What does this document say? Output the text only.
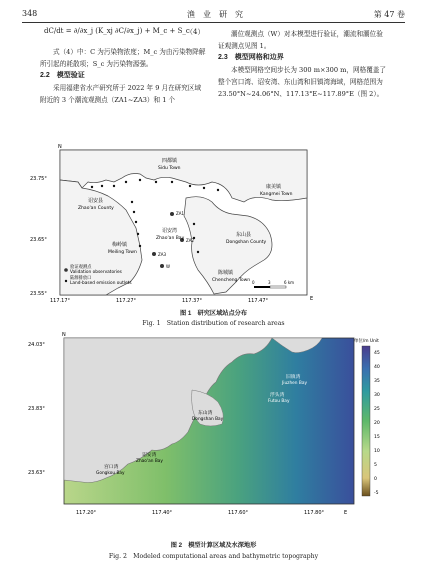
348	渔　业　研　究	第 47 卷
dC/dt = ∂/∂x_j (K_xj ∂C/∂x_j) + M_c + S_c
（4）

式（4）中：C 为污染物浓度；M_c 为由污染物降解所引起的耗散项；S_c 为污染物源强。

2.2　模型验证

采用福建省水产研究所于 2022 年 9 月在研究区域附近的 3 个潮流观测点（ZA1~ZA3）和 1 个

潮位观测点（W）对本模型进行验证，潮流和潮位验证观测点见图 1。

2.3　模型网格和边界

本模型网格空间步长为 300 m×300 m，网格覆盖了整个宫口湾、诏安湾、东山湾和旧镇湾海域，网格范围为 23.50°N~24.06°N、117.13°E~117.89°E（图 2）。

ZA1
ZA2
ZA3
W
四都镇
Sidu Town
诏安县
Zhao'an County
东山县
Dongshan County
康美镇
Kangmei Town
诏安湾
Zhao'an Bay
梅岭镇
Meiling Town
陈城镇
Chencheng Town
验证观测点
Validation observatories
陆源排放口
Land-based emission outlets	0	3	6 km
N
23.75°
23.65°
23.55°
117.17°	117.27°	117.37°	117.47°	E
图 1　研究区域站点分布
Fig. 1　Station distribution of research areas
旧镇湾
Jiuzhen Bay
浮头湾
Futou Bay
东山湾
Dongshan Bay
诏安湾
Zhao'an Bay
宫口湾
Gongkou Bay
单位/m Unit
45
40
35
30
25
20
15
10
5
0
-5
N
24.03°
23.83°
23.63°
117.20°	117.40°	117.60°	117.80°	E
图 2　模型计算区域及水深地形
Fig. 2　Modeled computational areas and bathymetric topography
